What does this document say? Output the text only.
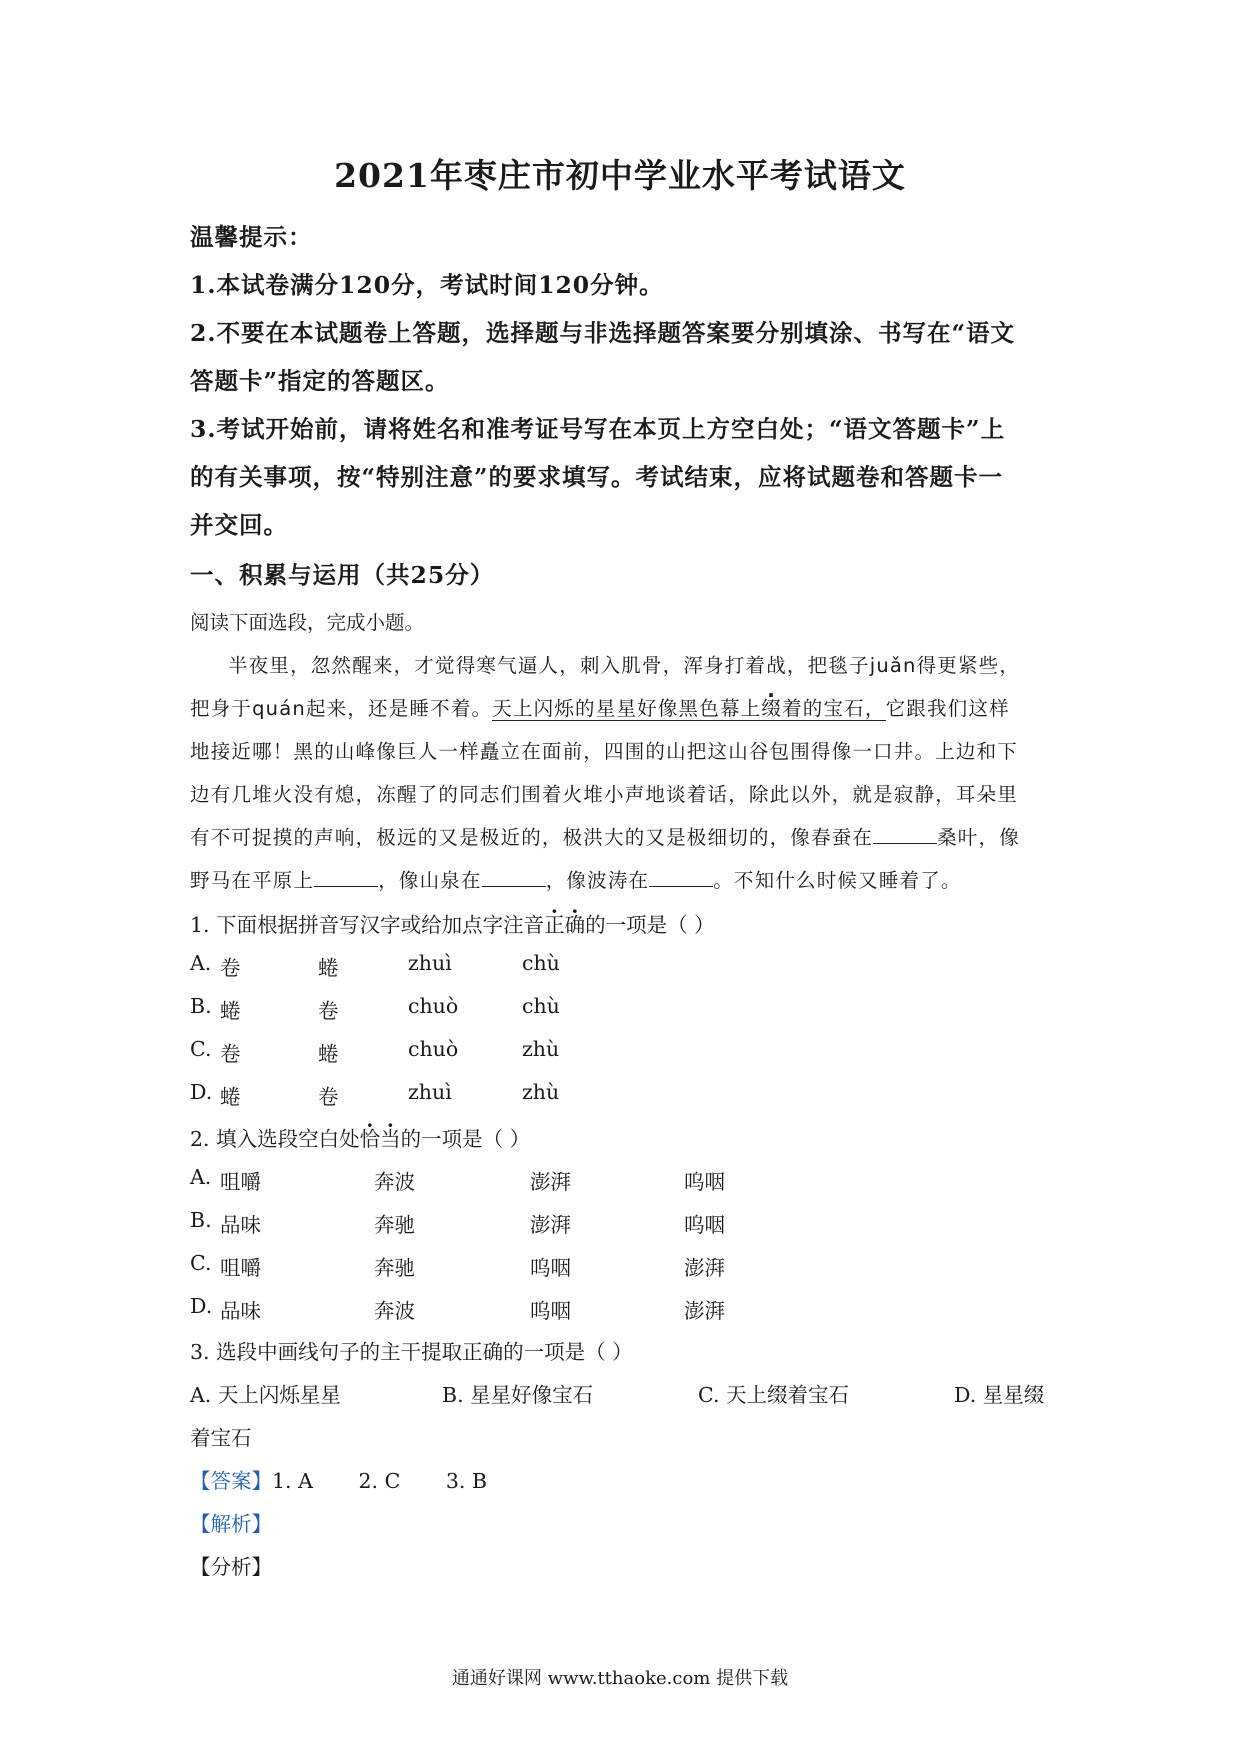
2021年枣庄市初中学业水平考试语文
温馨提示：
1.本试卷满分120分，考试时间120分钟。
2.不要在本试题卷上答题，选择题与非选择题答案要分别填涂、书写在“语文
答题卡”指定的答题区。
3.考试开始前，请将姓名和准考证号写在本页上方空白处；“语文答题卡”上
的有关事项，按“特别注意”的要求填写。考试结束，应将试题卷和答题卡一
并交回。
一、积累与运用（共25分）
阅读下面选段，完成小题。
半夜里，忽然醒来，才觉得寒气逼人，刺入肌骨，浑身打着战，把毯子juǎn得更紧些，
把身于quán起来，还是睡不着。天上闪烁的星星好像黑色幕上缀着的宝石，它跟我们这样
地接近哪！黑的山峰像巨人一样矗立在面前，四围的山把这山谷包围得像一口井。上边和下
边有几堆火没有熄，冻醒了的同志们围着火堆小声地谈着话，除此以外，就是寂静，耳朵里
有不可捉摸的声响，极远的又是极近的，极洪大的又是极细切的，像春蚕在	桑叶，像
野马在平原上	，像山泉在	，像波涛在	。不知什么时候又睡着了。
1. 下面根据拼音写汉字或给加点字注音正确的一项是（ ）
A. 卷	蜷	zhuì	chù
B. 蜷	卷	chuò	chù
C. 卷	蜷	chuò	zhù
D. 蜷	卷	zhuì	zhù
2. 填入选段空白处恰当的一项是（ ）
A. 咀嚼	奔波	澎湃	呜咽
B. 品味	奔驰	澎湃	呜咽
C. 咀嚼	奔驰	呜咽	澎湃
D. 品味	奔波	呜咽	澎湃
3. 选段中画线句子的主干提取正确的一项是（ ）
A. 天上闪烁星星	B. 星星好像宝石	C. 天上缀着宝石	D. 星星缀
着宝石
【答案】1. A       2. C       3. B
【解析】
【分析】
通通好课网 www.tthaoke.com 提供下载
